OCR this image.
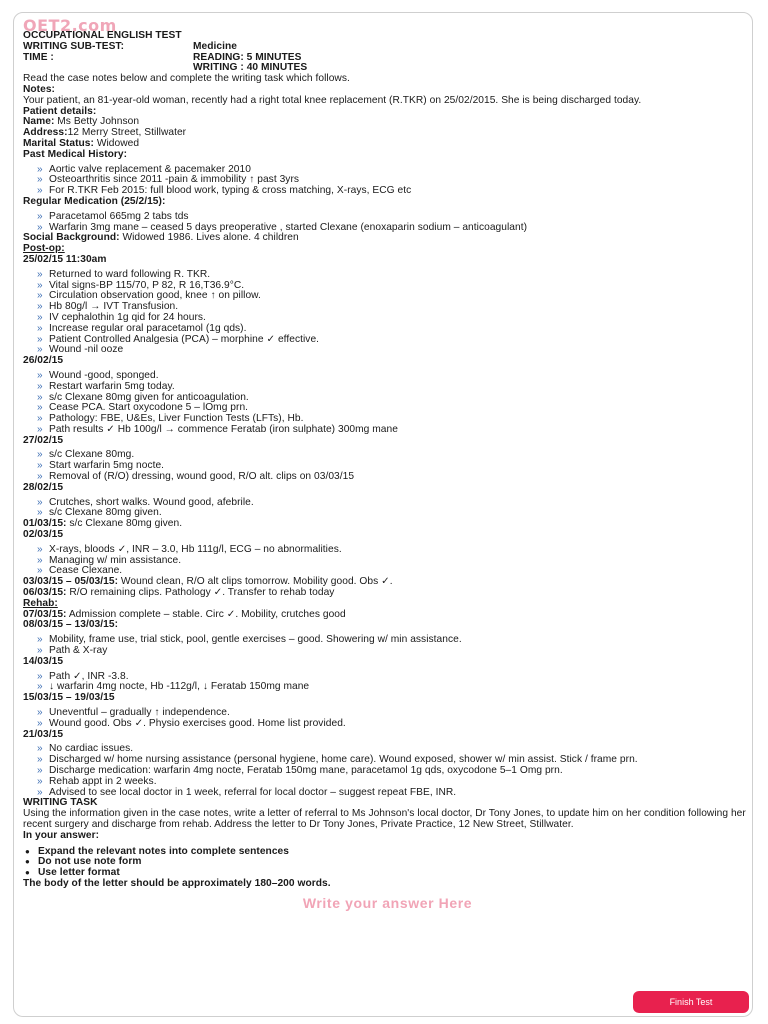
OET2.com

OCCUPATIONAL ENGLISH TEST

WRITING SUB-TEST:	Medicine
TIME :	READING: 5 MINUTES
WRITING : 40 MINUTES

Read the case notes below and complete the writing task which follows.

Notes:

Your patient, an 81-year-old woman, recently had a right total knee replacement (R.TKR) on 25/02/2015. She is being discharged today.

Patient details:

Name: Ms Betty Johnson

Address:12 Merry Street, Stillwater

Marital Status: Widowed

Past Medical History:

» Aortic valve replacement & pacemaker 2010
» Osteoarthritis since 2011 -pain & immobility ↑ past 3yrs
» For R.TKR Feb 2015: full blood work, typing & cross matching, X-rays, ECG etc

Regular Medication (25/2/15):

» Paracetamol 665mg 2 tabs tds
» Warfarin 3mg mane – ceased 5 days preoperative , started Clexane (enoxaparin sodium – anticoagulant)

Social Background: Widowed 1986. Lives alone. 4 children

Post-op:

25/02/15 11:30am

» Returned to ward following R. TKR.
» Vital signs-BP 115/70, P 82, R 16,T36.9°C.
» Circulation observation good, knee ↑ on pillow.
» Hb 80g/l → IVT Transfusion.
» IV cephalothin 1g qid for 24 hours.
» Increase regular oral paracetamol (1g qds).
» Patient Controlled Analgesia (PCA) – morphine ✓ effective.
» Wound -nil ooze

26/02/15

» Wound -good, sponged.
» Restart warfarin 5mg today.
» s/c Clexane 80mg given for anticoagulation.
» Cease PCA. Start oxycodone 5 – lOmg prn.
» Pathology: FBE, U&Es, Liver Function Tests (LFTs), Hb.
» Path results ✓ Hb 100g/l → commence Feratab (iron sulphate) 300mg mane

27/02/15

» s/c Clexane 80mg.
» Start warfarin 5mg nocte.
» Removal of (R/O) dressing, wound good, R/O alt. clips on 03/03/15

28/02/15

» Crutches, short walks. Wound good, afebrile.
» s/c Clexane 80mg given.

01/03/15: s/c Clexane 80mg given.

02/03/15

» X-rays, bloods ✓, INR – 3.0, Hb 111g/l, ECG – no abnormalities.
» Managing w/ min assistance.
» Cease Clexane.

03/03/15 – 05/03/15: Wound clean, R/O alt clips tomorrow. Mobility good. Obs ✓.

06/03/15: R/O remaining clips. Pathology ✓. Transfer to rehab today

Rehab:

07/03/15: Admission complete – stable. Circ ✓. Mobility, crutches good

08/03/15 – 13/03/15:

» Mobility, frame use, trial stick, pool, gentle exercises – good. Showering w/ min assistance.
» Path & X-ray

14/03/15

» Path ✓, INR -3.8.
» ↓ warfarin 4mg nocte, Hb -112g/l, ↓ Feratab 150mg mane

15/03/15 – 19/03/15

» Uneventful – gradually ↑ independence.
» Wound good. Obs ✓. Physio exercises good. Home list provided.

21/03/15

» No cardiac issues.
» Discharged w/ home nursing assistance (personal hygiene, home care). Wound exposed, shower w/ min assist. Stick / frame prn.
» Discharge medication: warfarin 4mg nocte, Feratab 150mg mane, paracetamol 1g qds, oxycodone 5–1 Omg prn.
» Rehab appt in 2 weeks.
» Advised to see local doctor in 1 week, referral for local doctor – suggest repeat FBE, INR.

WRITING TASK

Using the information given in the case notes, write a letter of referral to Ms Johnson's local doctor, Dr Tony Jones, to update him on her condition following her recent surgery and discharge from rehab. Address the letter to Dr Tony Jones, Private Practice, 12 New Street, Stillwater.

In your answer:

● Expand the relevant notes into complete sentences
● Do not use note form
● Use letter format

The body of the letter should be approximately 180–200 words.

Write your answer Here
Finish Test
